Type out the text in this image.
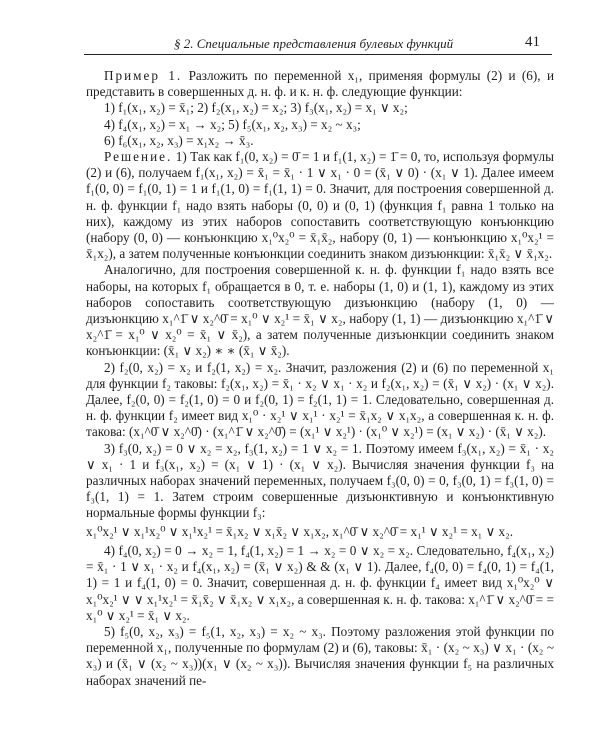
§ 2. Специальные представления булевых функций	41

Пример 1. Разложить по переменной x₁, применяя формулы (2) и (6), и представить в совершенных д. н. ф. и к. н. ф. следующие функции:

1) f₁(x₁, x₂) = x̄₁; 2) f₂(x₁, x₂) = x₂; 3) f₃(x₁, x₂) = x₁ ∨ x₂;

4) f₄(x₁, x₂) = x₁ → x₂; 5) f₅(x₁, x₂, x₃) = x₂ ~ x₃;

6) f₆(x₁, x₂, x₃) = x₁x₂ → x̄₃.

Решение. 1) Так как f₁(0, x₂) = 0̄ = 1 и f₁(1, x₂) = 1̄ = 0, то, используя формулы (2) и (6), получаем f₁(x₁, x₂) = x̄₁ = x̄₁ · 1 ∨ x₁ · 0 = (x̄₁ ∨ 0) · (x₁ ∨ 1). Далее имеем f₁(0, 0) = f₁(0, 1) = 1 и f₁(1, 0) = f₁(1, 1) = 0. Значит, для построения совершенной д. н. ф. функции f₁ надо взять наборы (0, 0) и (0, 1) (функция f₁ равна 1 только на них), каждому из этих наборов сопоставить соответствующую конъюнкцию (набору (0, 0) — конъюнкцию x₁⁰x₂⁰ = x̄₁x̄₂, набору (0, 1) — конъюнкцию x₁⁰x₂¹ = x̄₁x₂), а затем полученные конъюнкции соединить знаком дизъюнкции: x̄₁x̄₂ ∨ x̄₁x₂.

Аналогично, для построения совершенной к. н. ф. функции f₁ надо взять все наборы, на которых f₁ обращается в 0, т. е. наборы (1, 0) и (1, 1), каждому из этих наборов сопоставить соответствующую дизъюнкцию (набору (1, 0) — дизъюнкцию x₁^1̄ ∨ x₂^0̄ = x₁⁰ ∨ x₂¹ = x̄₁ ∨ x₂, набору (1, 1) — дизъюнкцию x₁^1̄ ∨ x₂^1̄ = x₁⁰ ∨ x₂⁰ = x̄₁ ∨ x̄₂), а затем полученные дизъюнкции соединить знаком конъюнкции: (x̄₁ ∨ x₂) ∗ ∗ (x̄₁ ∨ x̄₂).

2) f₂(0, x₂) = x₂ и f₂(1, x₂) = x₂. Значит, разложения (2) и (6) по переменной x₁ для функции f₂ таковы: f₂(x₁, x₂) = x̄₁ · x₂ ∨ x₁ · x₂ и f₂(x₁, x₂) = (x̄₁ ∨ x₂) · (x₁ ∨ x₂). Далее, f₂(0, 0) = f₂(1, 0) = 0 и f₂(0, 1) = f₂(1, 1) = 1. Следовательно, совершенная д. н. ф. функции f₂ имеет вид x₁⁰ · x₂¹ ∨ x₁¹ · x₂¹ = x̄₁x₂ ∨ x₁x₂, а совершенная к. н. ф. такова: (x₁^0̄ ∨ x₂^0̄) · (x₁^1̄ ∨ x₂^0̄) = (x₁¹ ∨ x₂¹) · (x₁⁰ ∨ x₂¹) = (x₁ ∨ x₂) · (x̄₁ ∨ x₂).

3) f₃(0, x₂) = 0 ∨ x₂ = x₂, f₃(1, x₂) = 1 ∨ x₂ = 1. Поэтому имеем f₃(x₁, x₂) = x̄₁ · x₂ ∨ x₁ · 1 и f₃(x₁, x₂) = (x₁ ∨ 1) · (x₁ ∨ x₂). Вычисляя значения функции f₃ на различных наборах значений переменных, получаем f₃(0, 0) = 0, f₃(0, 1) = f₃(1, 0) = f₃(1, 1) = 1. Затем строим совершенные дизъюнктивную и конъюнктивную нормальные формы функции f₃:

x₁⁰x₂¹ ∨ x₁¹x₂⁰ ∨ x₁¹x₂¹ = x̄₁x₂ ∨ x₁x̄₂ ∨ x₁x₂, x₁^0̄ ∨ x₂^0̄ = x₁¹ ∨ x₂¹ = x₁ ∨ x₂.

4) f₄(0, x₂) = 0 → x₂ = 1, f₄(1, x₂) = 1 → x₂ = 0 ∨ x₂ = x₂. Следовательно, f₄(x₁, x₂) = x̄₁ · 1 ∨ x₁ · x₂ и f₄(x₁, x₂) = (x̄₁ ∨ x₂) & & (x₁ ∨ 1). Далее, f₄(0, 0) = f₄(0, 1) = f₄(1, 1) = 1 и f₄(1, 0) = 0. Значит, совершенная д. н. ф. функции f₄ имеет вид x₁⁰x₂⁰ ∨ x₁⁰x₂¹ ∨ ∨ x₁¹x₂¹ = x̄₁x̄₂ ∨ x̄₁x₂ ∨ x₁x₂, а совершенная к. н. ф. такова: x₁^1̄ ∨ x₂^0̄ = = x₁⁰ ∨ x₂¹ = x̄₁ ∨ x₂.

5) f₅(0, x₂, x₃) = f₅(1, x₂, x₃) = x₂ ~ x₃. Поэтому разложения этой функции по переменной x₁, полученные по формулам (2) и (6), таковы: x̄₁ · (x₂ ~ x₃) ∨ x₁ · (x₂ ~ x₃) и (x̄₁ ∨ (x₂ ~ x₃))(x₁ ∨ (x₂ ~ x₃)). Вычисляя значения функции f₅ на различных наборах значений пе-
